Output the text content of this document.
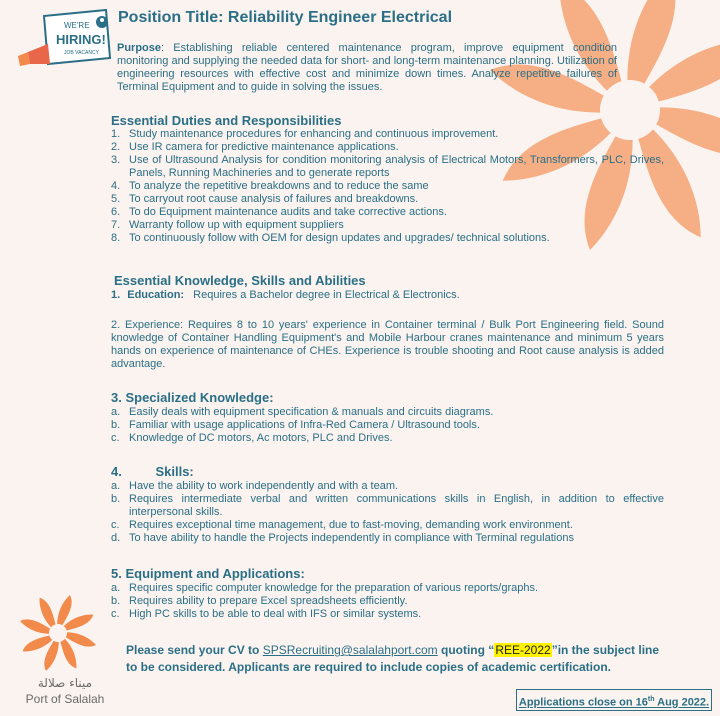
WE'RE
HIRING!
JOB VACANCY
ميناء صلالة
Port of Salalah
Position Title: Reliability Engineer Electrical
Purpose: Establishing reliable centered maintenance program, improve equipment condition monitoring and supplying the needed data for short- and long-term maintenance planning. Utilization of engineering resources with effective cost and minimize down times. Analyze repetitive failures of Terminal Equipment and to guide in solving the issues.
Essential Duties and Responsibilities
1. Study maintenance procedures for enhancing and continuous improvement.
2. Use IR camera for predictive maintenance applications.
3. Use of Ultrasound Analysis for condition monitoring analysis of Electrical Motors, Transformers, PLC, Drives, Panels, Running Machineries and to generate reports
4. To analyze the repetitive breakdowns and to reduce the same
5. To carryout root cause analysis of failures and breakdowns.
6. To do Equipment maintenance audits and take corrective actions.
7. Warranty follow up with equipment suppliers
8. To continuously follow with OEM for design updates and upgrades/ technical solutions.
Essential Knowledge, Skills and Abilities
1. Education: Requires a Bachelor degree in Electrical & Electronics.
2. Experience: Requires 8 to 10 years' experience in Container terminal / Bulk Port Engineering field. Sound knowledge of Container Handling Equipment's and Mobile Harbour cranes maintenance and minimum 5 years hands on experience of maintenance of CHEs. Experience is trouble shooting and Root cause analysis is added advantage.
3. Specialized Knowledge:
a. Easily deals with equipment specification & manuals and circuits diagrams.
b. Familiar with usage applications of Infra-Red Camera / Ultrasound tools.
c. Knowledge of DC motors, Ac motors, PLC and Drives.
4.	Skills:
a. Have the ability to work independently and with a team.
b. Requires intermediate verbal and written communications skills in English, in addition to effective interpersonal skills.
c. Requires exceptional time management, due to fast-moving, demanding work environment.
d. To have ability to handle the Projects independently in compliance with Terminal regulations
5. Equipment and Applications:
a. Requires specific computer knowledge for the preparation of various reports/graphs.
b. Requires ability to prepare Excel spreadsheets efficiently.
c. High PC skills to be able to deal with IFS or similar systems.
Please send your CV to SPSRecruiting@salalahport.com quoting “REE-2022”in the subject line to be considered. Applicants are required to include copies of academic certification.
Applications close on 16th Aug 2022.
